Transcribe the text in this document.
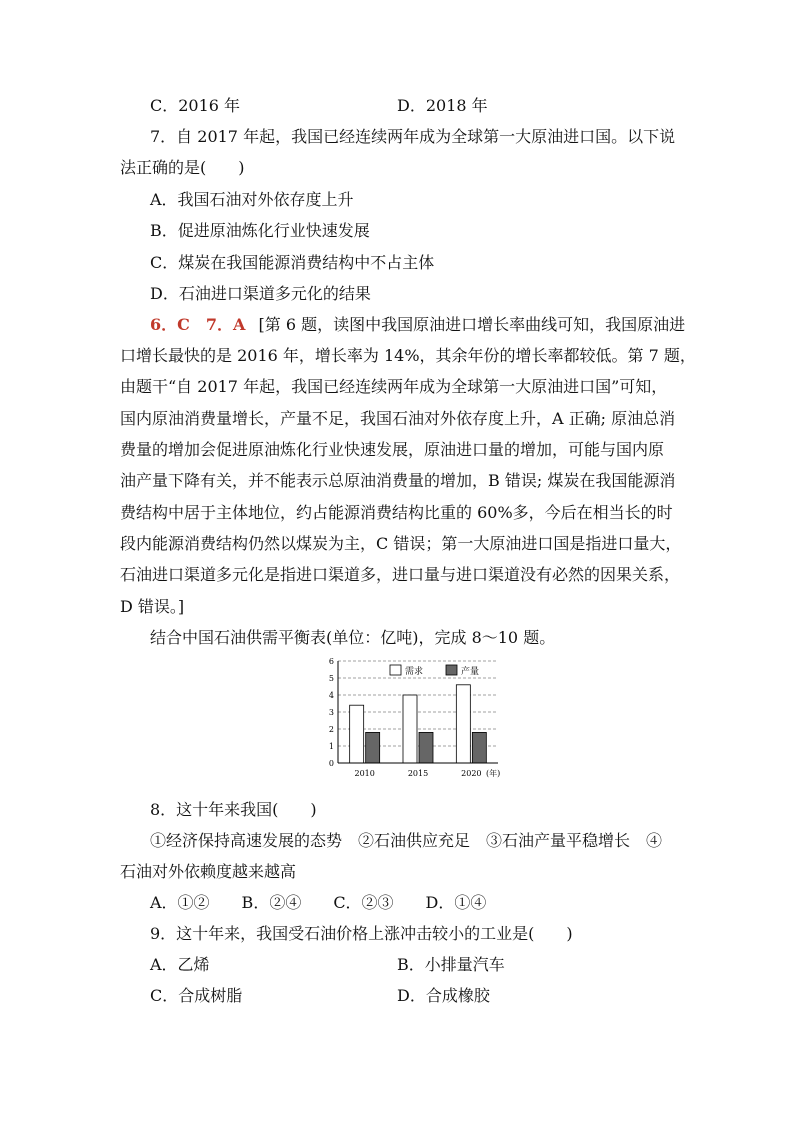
C．2016 年	D．2018 年
7．自 2017 年起，我国已经连续两年成为全球第一大原油进口国。以下说
法正确的是(　　)
A．我国石油对外依存度上升
B．促进原油炼化行业快速发展
C．煤炭在我国能源消费结构中不占主体
D．石油进口渠道多元化的结果
6．C　7．A [第 6 题，读图中我国原油进口增长率曲线可知，我国原油进
口增长最快的是 2016 年，增长率为 14%，其余年份的增长率都较低。第 7 题，
由题干“自 2017 年起，我国已经连续两年成为全球第一大原油进口国”可知，
国内原油消费量增长，产量不足，我国石油对外依存度上升，A 正确; 原油总消
费量的增加会促进原油炼化行业快速发展，原油进口量的增加，可能与国内原
油产量下降有关，并不能表示总原油消费量的增加，B 错误; 煤炭在我国能源消
费结构中居于主体地位，约占能源消费结构比重的 60%多，今后在相当长的时
段内能源消费结构仍然以煤炭为主，C 错误；第一大原油进口国是指进口量大，
石油进口渠道多元化是指进口渠道多，进口量与进口渠道没有必然的因果关系，
D 错误。]
结合中国石油供需平衡表(单位：亿吨)，完成 8～10 题。
0
1
2
3
4
5
6
2010	2015	2020 (年)
需求	产量
8．这十年来我国(　　)
①经济保持高速发展的态势　②石油供应充足　③石油产量平稳增长　④
石油对外依赖度越来越高
A．①②　　B．②④　　C．②③　　D．①④
9．这十年来，我国受石油价格上涨冲击较小的工业是(　　)
A．乙烯	B．小排量汽车
C．合成树脂	D．合成橡胶
